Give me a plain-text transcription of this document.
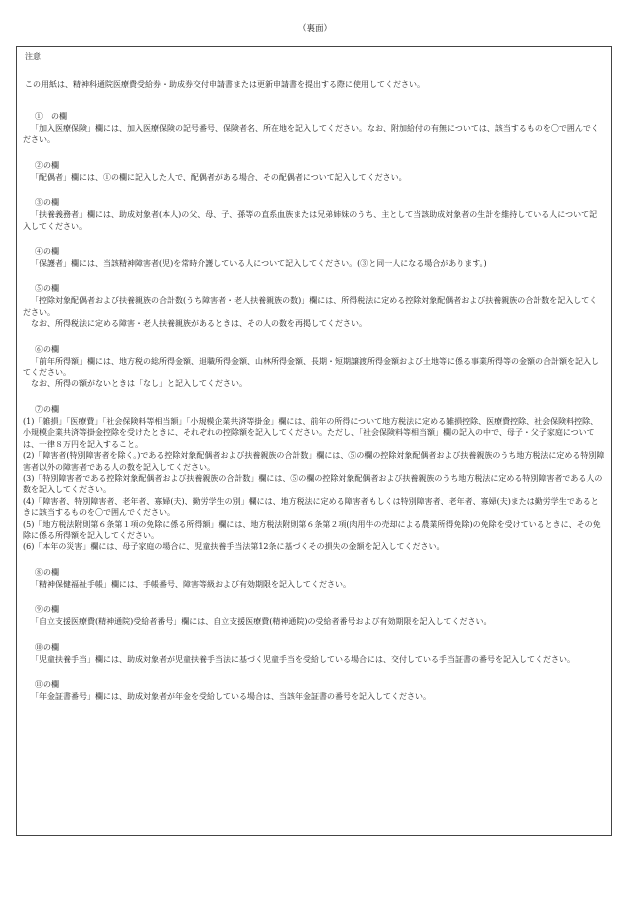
（裏面）

注意

この用紙は、精神科通院医療費受給券・助成券交付申請書または更新申請書を提出する際に使用してください。

①　の欄

「加入医療保険」欄には、加入医療保険の記号番号、保険者名、所在地を記入してください。なお、附加給付の有無については、該当するものを〇で囲んでください。

②の欄

「配偶者」欄には、①の欄に記入した人で、配偶者がある場合、その配偶者について記入してください。

③の欄

「扶養義務者」欄には、助成対象者(本人)の父、母、子、孫等の直系血族または兄弟姉妹のうち、主として当該助成対象者の生計を維持している人について記入してください。

④の欄

「保護者」欄には、当該精神障害者(児)を常時介護している人について記入してください。(③と同一人になる場合があります。)

⑤の欄

「控除対象配偶者および扶養親族の合計数(うち障害者・老人扶養親族の数)」欄には、所得税法に定める控除対象配偶者および扶養親族の合計数を記入してください。

なお、所得税法に定める障害・老人扶養親族があるときは、その人の数を再掲してください。

⑥の欄

「前年所得額」欄には、地方税の総所得金額、退職所得金額、山林所得金額、長期・短期譲渡所得金額および土地等に係る事業所得等の金額の合計額を記入してください。

なお、所得の額がないときは「なし」と記入してください。

⑦の欄

(1)「雑損」「医療費」「社会保険料等相当額」「小規模企業共済等掛金」欄には、前年の所得について地方税法に定める雑損控除、医療費控除、社会保険料控除、小規模企業共済等掛金控除を受けたときに、それぞれの控除額を記入してください。ただし、「社会保険料等相当額」欄の記入の中で、母子・父子家庭については、一律８万円を記入すること。
(2)「障害者(特別障害者を除く。)である控除対象配偶者および扶養親族の合計数」欄には、⑤の欄の控除対象配偶者および扶養親族のうち地方税法に定める特別障害者以外の障害者である人の数を記入してください。
(3)「特別障害者である控除対象配偶者および扶養親族の合計数」欄には、⑤の欄の控除対象配偶者および扶養親族のうち地方税法に定める特別障害者である人の数を記入してください。
(4)「障害者、特別障害者、老年者、寡婦(夫)、勤労学生の別」欄には、地方税法に定める障害者もしくは特別障害者、老年者、寡婦(夫)または勤労学生であるときに該当するものを〇で囲んでください。
(5)「地方税法附則第６条第１項の免除に係る所得額」欄には、地方税法附則第６条第２項(肉用牛の売却による農業所得免除)の免除を受けているときに、その免除に係る所得額を記入してください。
(6)「本年の災害」欄には、母子家庭の場合に、児童扶養手当法第12条に基づくその損失の金額を記入してください。

⑧の欄

「精神保健福祉手帳」欄には、手帳番号、障害等級および有効期限を記入してください。

⑨の欄

「自立支援医療費(精神通院)受給者番号」欄には、自立支援医療費(精神通院)の受給者番号および有効期限を記入してください。

⑩の欄

「児童扶養手当」欄には、助成対象者が児童扶養手当法に基づく児童手当を受給している場合には、交付している手当証書の番号を記入してください。

⑪の欄

「年金証書番号」欄には、助成対象者が年金を受給している場合は、当該年金証書の番号を記入してください。
